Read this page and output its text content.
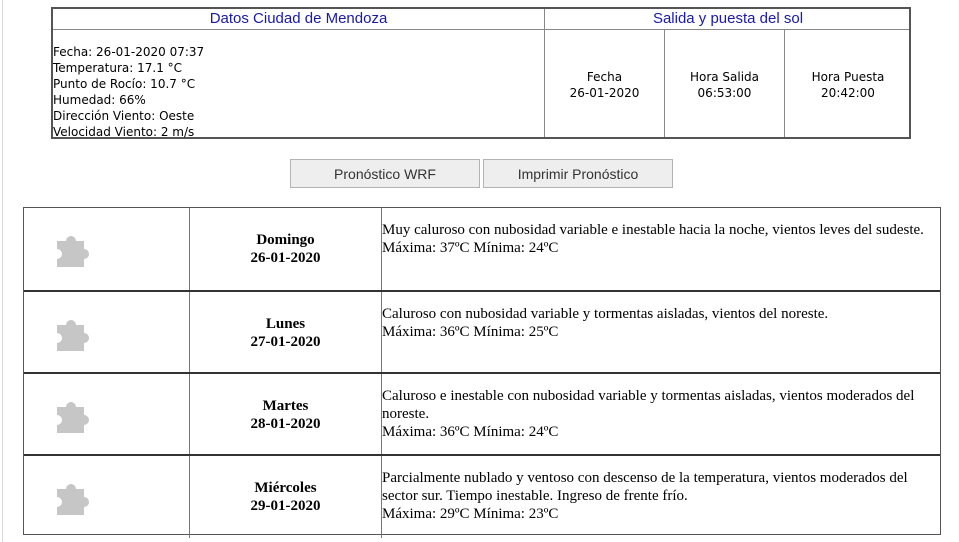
Datos Ciudad de Mendoza	Salida y puesta del sol
Fecha: 26-01-2020 07:37
Temperatura: 17.1 °C
Punto de Rocío: 10.7 °C
Humedad: 66%
Dirección Viento: Oeste
Velocidad Viento: 2 m/s
Fecha
26-01-2020
Hora Salida
06:53:00
Hora Puesta
20:42:00
Pronóstico WRF	Imprimir Pronóstico
Domingo
26-01-2020
Muy caluroso con nubosidad variable e inestable hacia la noche, vientos leves del sudeste.
Máxima: 37ºC Mínima: 24ºC
Lunes
27-01-2020
Caluroso con nubosidad variable y tormentas aisladas, vientos del noreste.
Máxima: 36ºC Mínima: 25ºC
Martes
28-01-2020
Caluroso e inestable con nubosidad variable y tormentas aisladas, vientos moderados del noreste.
Máxima: 36ºC Mínima: 24ºC
Miércoles
29-01-2020
Parcialmente nublado y ventoso con descenso de la temperatura, vientos moderados del sector sur. Tiempo inestable. Ingreso de frente frío.
Máxima: 29ºC Mínima: 23ºC
